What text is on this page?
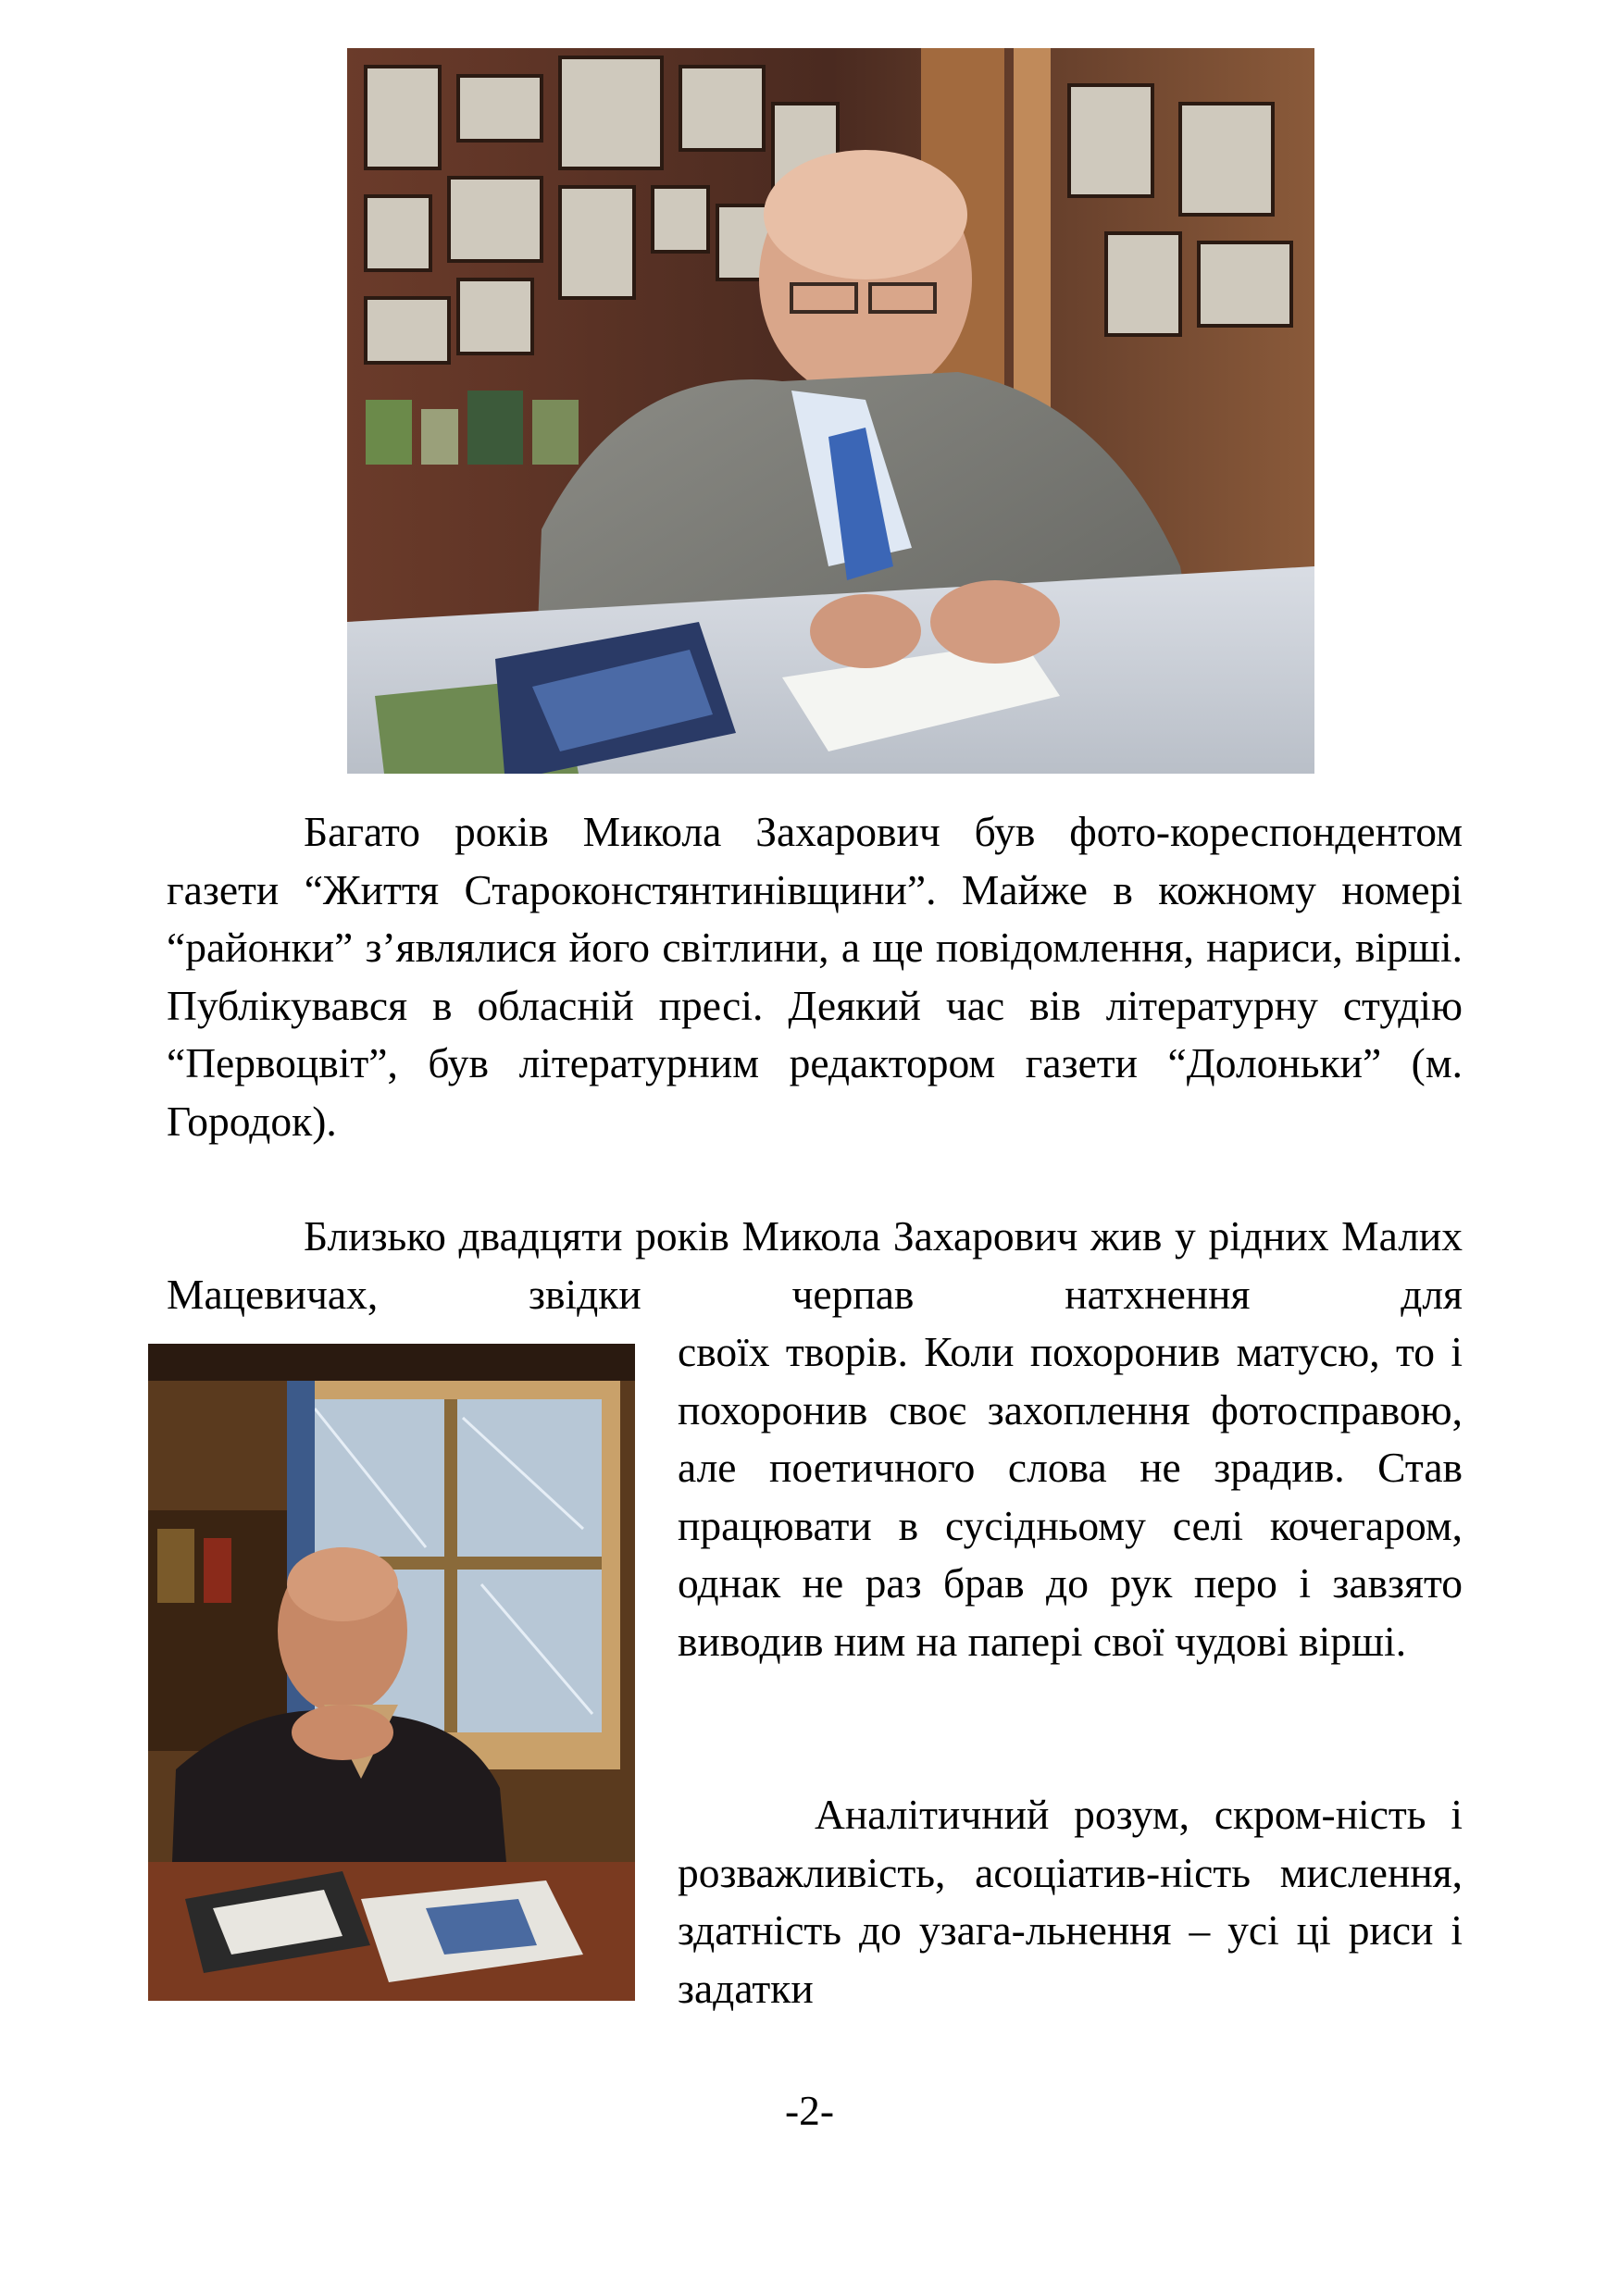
Багато років Микола Захарович був фото-кореспондентом газети “Життя Староконстянтинівщини”. Майже в кожному номері “районки” з’являлися його світлини, а ще повідомлення, нариси, вірші. Публікувався в обласній пресі. Деякий час вів літературну студію “Первоцвіт”, був літературним редактором газети “Долоньки” (м. Городок).

Близько двадцяти років Микола Захарович жив у рідних Малих Мацевичах, звідки черпав натхнення для

своїх творів. Коли похоронив матусю, то і похоронив своє захоплення фотосправою, але поетичного слова не зрадив. Став працювати в сусідньому селі кочегаром, однак не раз брав до рук перо і завзято виводив ним на папері свої чудові вірші.

Аналітичний розум, скром-ність і розважливість, асоціатив-ність мислення, здатність до узага-льнення – усі ці риси і задатки

-2-
